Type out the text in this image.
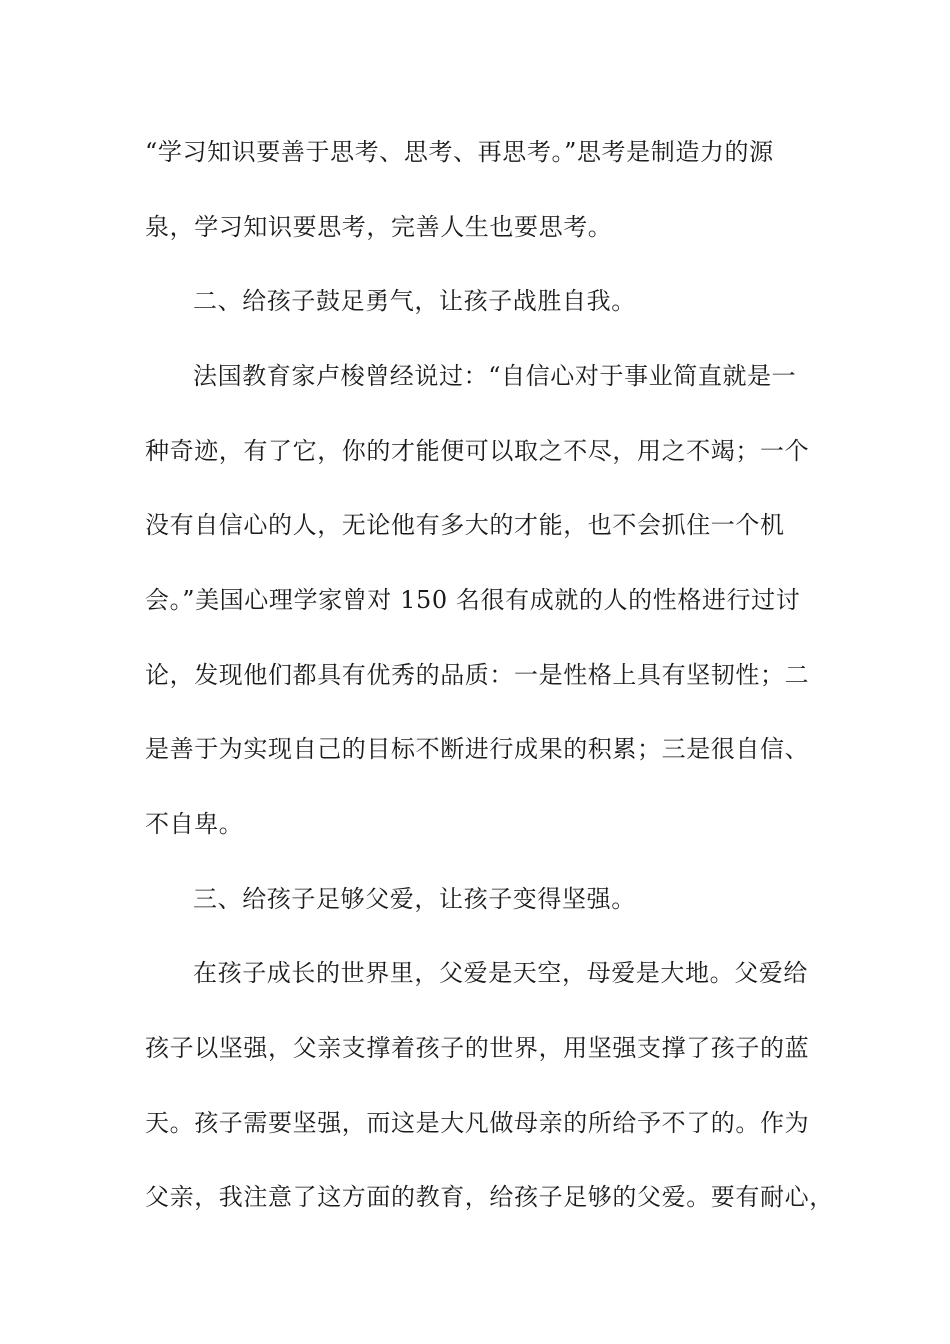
“学习知识要善于思考、思考、再思考。”思考是制造力的源
泉，学习知识要思考，完善人生也要思考。
二、给孩子鼓足勇气，让孩子战胜自我。
法国教育家卢梭曾经说过：“自信心对于事业简直就是一
种奇迹，有了它，你的才能便可以取之不尽，用之不竭；一个
没有自信心的人，无论他有多大的才能，也不会抓住一个机
会。”美国心理学家曾对 150 名很有成就的人的性格进行过讨
论，发现他们都具有优秀的品质：一是性格上具有坚韧性；二
是善于为实现自己的目标不断进行成果的积累；三是很自信、
不自卑。
三、给孩子足够父爱，让孩子变得坚强。
在孩子成长的世界里，父爱是天空，母爱是大地。父爱给
孩子以坚强，父亲支撑着孩子的世界，用坚强支撑了孩子的蓝
天。孩子需要坚强，而这是大凡做母亲的所给予不了的。作为
父亲，我注意了这方面的教育，给孩子足够的父爱。要有耐心，
